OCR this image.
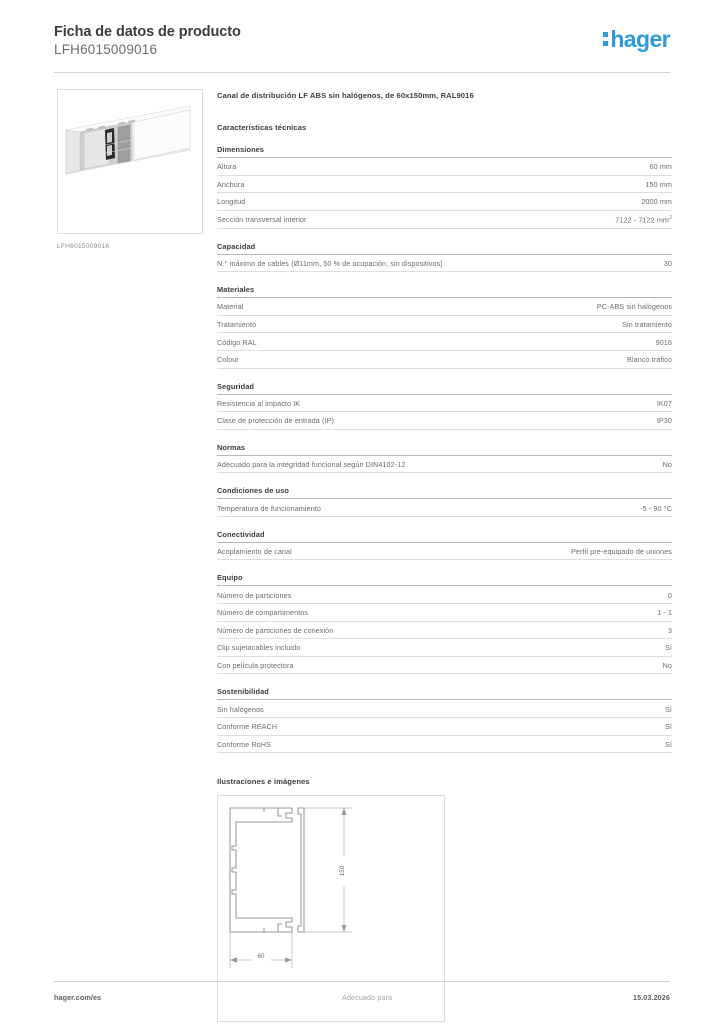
Ficha de datos de producto
LFH6015009016	hager
LFH6015009016
Canal de distribución LF ABS sin halógenos, de 60x150mm, RAL9016
Características técnicas
Dimensiones
Altura	60 mm
Anchura	150 mm
Longitud	2000 mm
Sección transversal interior	7122 - 7122 $mm^2$
Capacidad
N.° máximo de cables (Ø11mm, 50 % de ocupación, sin dispositivos)	30
Materiales
Material	PC-ABS sin halógenos
Tratamiento	Sin tratamiento
Código RAL	9016
Colour	Blanco tráfico
Seguridad
Resistencia al impacto IK	IK07
Clase de protección de entrada (IP)	IP30
Normas
Adecuado para la integridad funcional según DIN4102-12	No
Condiciones de uso
Temperatura de funcionamiento	-5 - 90 °C
Conectividad
Acoplamiento de canal	Perfil pre-equipado de uniones
Equipo
Número de particiones	0
Número de compartimentos	1 - 1
Número de particiones de conexión	3
Clip sujetacables incluido	Sí
Con película protectora	No
Sostenibilidad
Sin halógenos	Sí
Conforme REACH	Sí
Conforme RoHS	Sí
Ilustraciones e imágenes
150
60
hager.com/es	Adecuado para	15.03.2026
